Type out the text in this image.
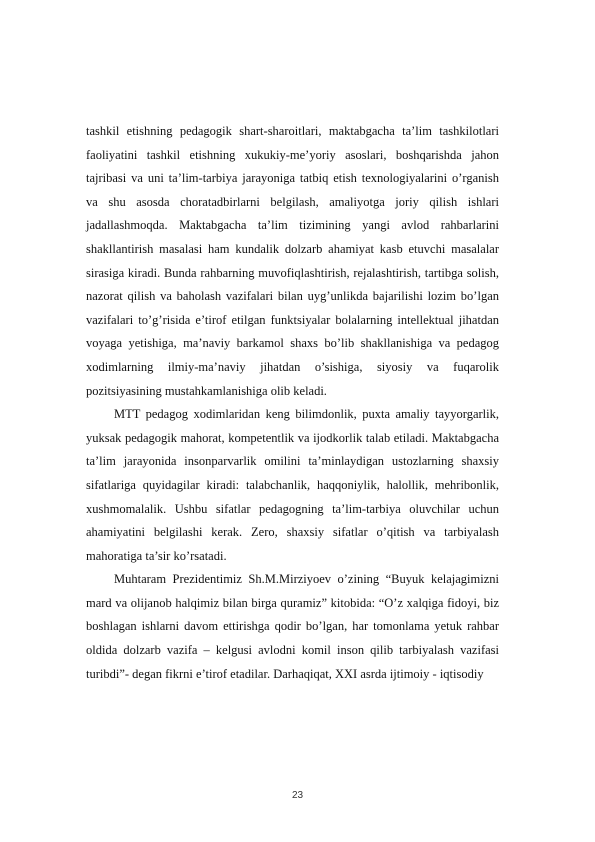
tashkil etishning pedagogik shart-sharoitlari, maktabgacha ta’lim tashkilotlari faoliyatini tashkil etishning xukukiy-me’yoriy asoslari, boshqarishda jahon tajribasi va uni ta’lim-tarbiya jarayoniga tatbiq etish texnologiyalarini o’rganish va shu asosda choratadbirlarni belgilash, amaliyotga joriy qilish ishlari jadallashmoqda. Maktabgacha ta’lim tizimining yangi avlod rahbarlarini shakllantirish masalasi ham kundalik dolzarb ahamiyat kasb etuvchi masalalar sirasiga kiradi. Bunda rahbarning muvofiqlashtirish, rejalashtirish, tartibga solish, nazorat qilish va baholash vazifalari bilan uyg’unlikda bajarilishi lozim bo’lgan vazifalari to’g’risida e’tirof etilgan funktsiyalar bolalarning intellektual jihatdan voyaga yetishiga, ma’naviy barkamol shaxs bo’lib shakllanishiga va pedagog xodimlarning ilmiy-ma’naviy jihatdan o’sishiga, siyosiy va fuqarolik pozitsiyasining mustahkamlanishiga olib keladi.

MTT pedagog xodimlaridan keng bilimdonlik, puxta amaliy tayyorgarlik, yuksak pedagogik mahorat, kompetentlik va ijodkorlik talab etiladi. Maktabgacha ta’lim jarayonida insonparvarlik omilini ta’minlaydigan ustozlarning shaxsiy sifatlariga quyidagilar kiradi: talabchanlik, haqqoniylik, halollik, mehribonlik, xushmomalalik. Ushbu sifatlar pedagogning ta’lim-tarbiya oluvchilar uchun ahamiyatini belgilashi kerak. Zero, shaxsiy sifatlar o’qitish va tarbiyalash mahoratiga ta’sir ko’rsatadi.

Muhtaram Prezidentimiz Sh.M.Mirziyoev o’zining “Buyuk kelajagimizni mard va olijanob halqimiz bilan birga quramiz” kitobida: “O’z xalqiga fidoyi, biz boshlagan ishlarni davom ettirishga qodir bo’lgan, har tomonlama yetuk rahbar oldida dolzarb vazifa – kelgusi avlodni komil inson qilib tarbiyalash vazifasi turibdi”- degan fikrni e’tirof etadilar. Darhaqiqat, XXI asrda ijtimoiy - iqtisodiy

23
